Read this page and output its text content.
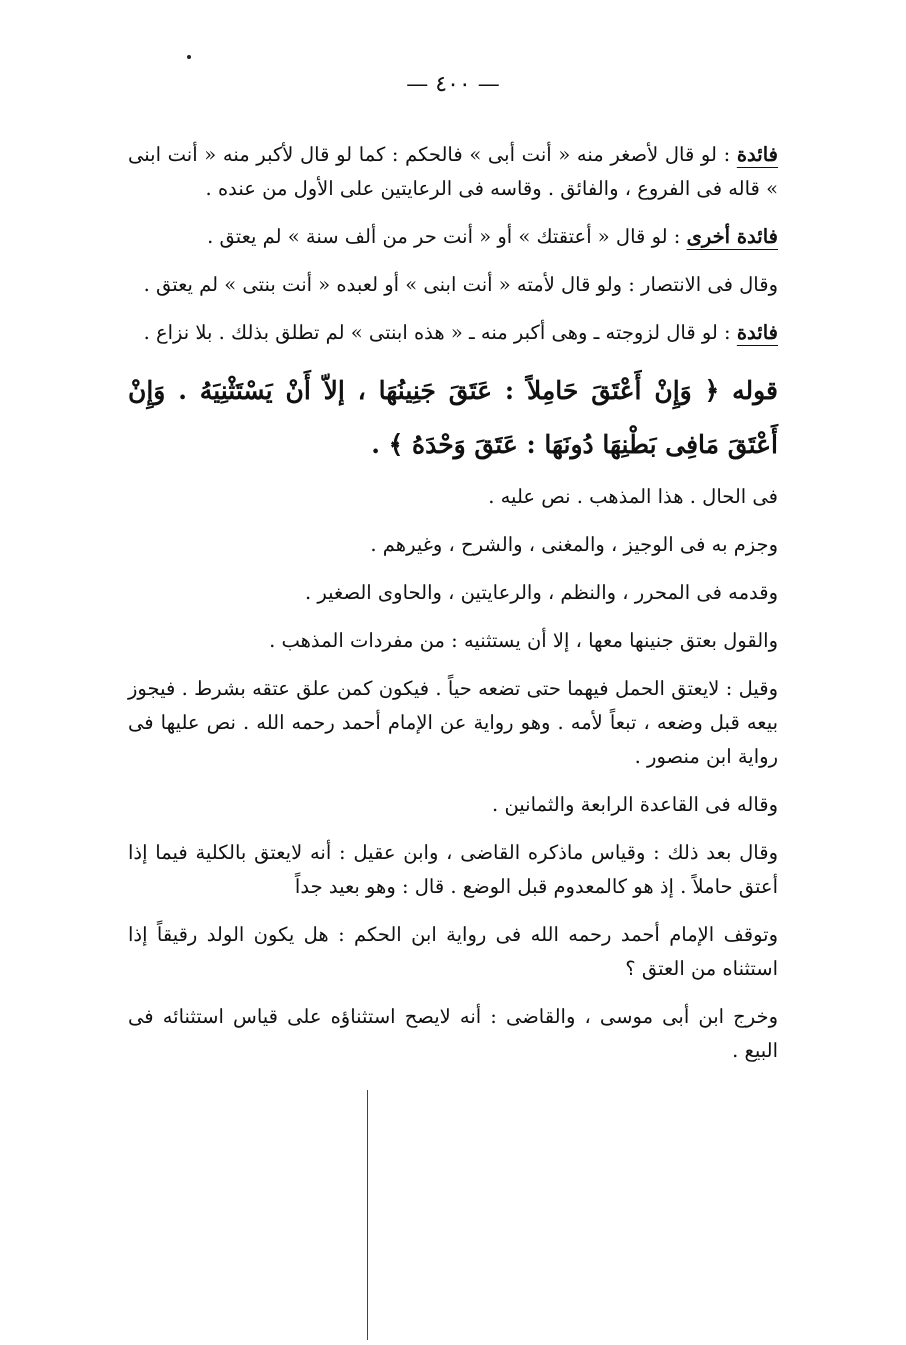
— ٤٠٠ —

فائدة : لو قال لأصغر منه « أنت أبى » فالحكم : كما لو قال لأكبر منه « أنت ابنى » قاله فى الفروع ، والفائق . وقاسه فى الرعايتين على الأول من عنده .

فائدة أخرى : لو قال « أعتقتك » أو « أنت حر من ألف سنة » لم يعتق .

وقال فى الانتصار : ولو قال لأمته « أنت ابنى » أو لعبده « أنت بنتى » لم يعتق .

فائدة : لو قال لزوجته ـ وهى أكبر منه ـ « هذه ابنتى » لم تطلق بذلك . بلا نزاع .

قوله ﴿ وَإِنْ أَعْتَقَ حَامِلاً : عَتَقَ جَنِينُهَا ، إلاّ أَنْ يَسْتَثْنِيَهُ . وَإِنْ أَعْتَقَ مَافِى بَطْنِهَا دُونَهَا : عَتَقَ وَحْدَهُ ﴾ .

فى الحال . هذا المذهب . نص عليه .

وجزم به فى الوجيز ، والمغنى ، والشرح ، وغيرهم .

وقدمه فى المحرر ، والنظم ، والرعايتين ، والحاوى الصغير .

والقول بعتق جنينها معها ، إلا أن يستثنيه : من مفردات المذهب .

وقيل : لايعتق الحمل فيهما حتى تضعه حياً . فيكون كمن علق عتقه بشرط . فيجوز بيعه قبل وضعه ، تبعاً لأمه . وهو رواية عن الإمام أحمد رحمه الله . نص عليها فى رواية ابن منصور .

وقاله فى القاعدة الرابعة والثمانين .

وقال بعد ذلك : وقياس ماذكره القاضى ، وابن عقيل : أنه لايعتق بالكلية فيما إذا أعتق حاملاً . إذ هو كالمعدوم قبل الوضع . قال : وهو بعيد جداً

وتوقف الإمام أحمد رحمه الله فى رواية ابن الحكم : هل يكون الولد رقيقاً إذا استثناه من العتق ؟

وخرج ابن أبى موسى ، والقاضى : أنه لايصح استثناؤه على قياس استثنائه فى البيع .
